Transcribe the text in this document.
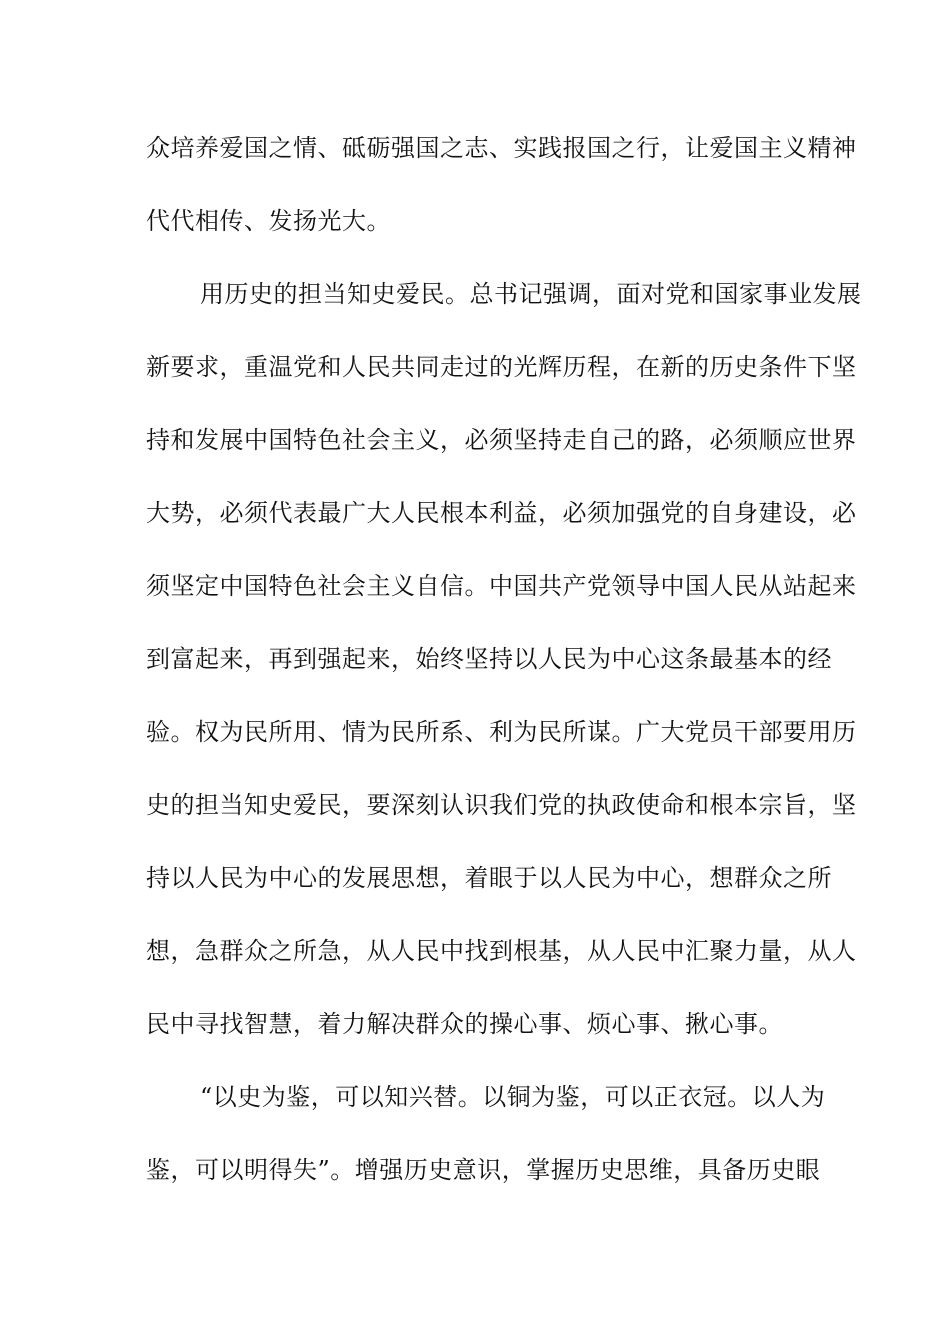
众培养爱国之情、砥砺强国之志、实践报国之行，让爱国主义精神
代代相传、发扬光大。
用历史的担当知史爱民。总书记强调，面对党和国家事业发展
新要求，重温党和人民共同走过的光辉历程，在新的历史条件下坚
持和发展中国特色社会主义，必须坚持走自己的路，必须顺应世界
大势，必须代表最广大人民根本利益，必须加强党的自身建设，必
须坚定中国特色社会主义自信。中国共产党领导中国人民从站起来
到富起来，再到强起来，始终坚持以人民为中心这条最基本的经
验。权为民所用、情为民所系、利为民所谋。广大党员干部要用历
史的担当知史爱民，要深刻认识我们党的执政使命和根本宗旨，坚
持以人民为中心的发展思想，着眼于以人民为中心，想群众之所
想，急群众之所急，从人民中找到根基，从人民中汇聚力量，从人
民中寻找智慧，着力解决群众的操心事、烦心事、揪心事。
“以史为鉴，可以知兴替。以铜为鉴，可以正衣冠。以人为
鉴，可以明得失”。增强历史意识，掌握历史思维，具备历史眼
